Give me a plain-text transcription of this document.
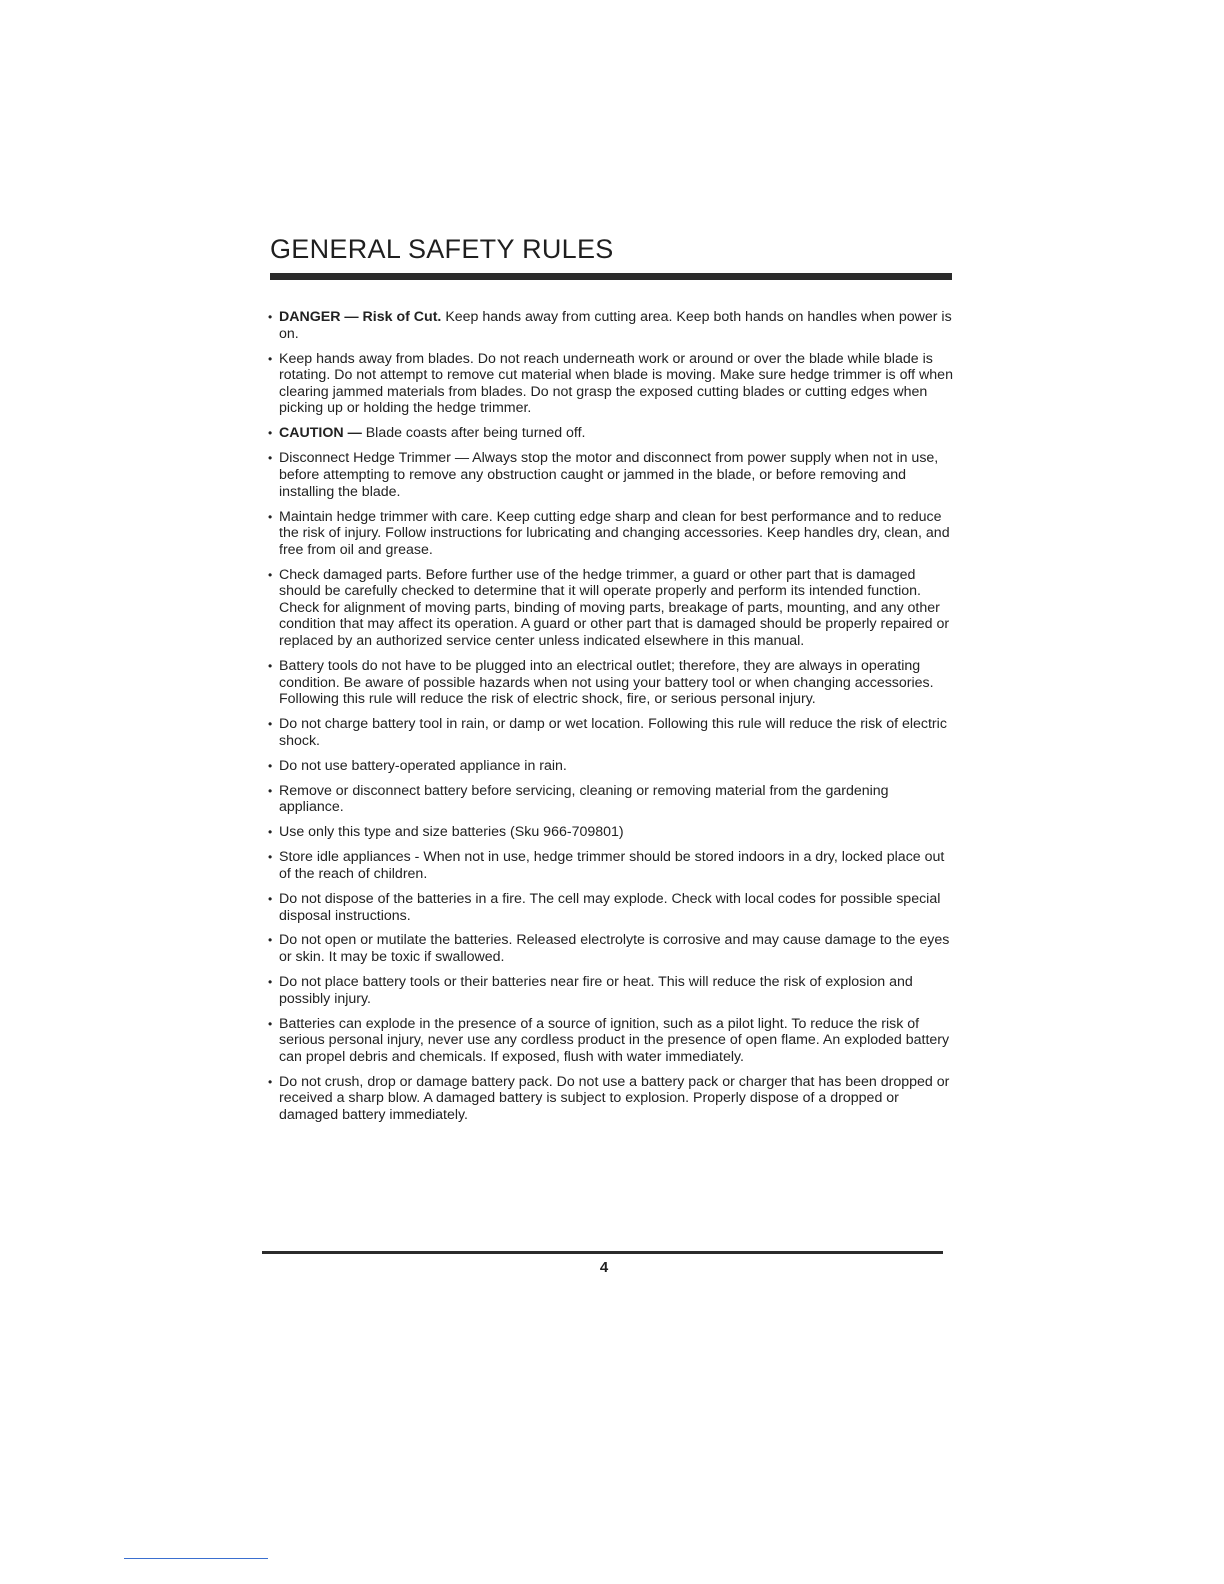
GENERAL SAFETY RULES
• DANGER — Risk of Cut. Keep hands away from cutting area. Keep both hands on handles when power is on.
• Keep hands away from blades. Do not reach underneath work or around or over the blade while blade is rotating. Do not attempt to remove cut material when blade is moving. Make sure hedge trimmer is off when clearing jammed materials from blades. Do not grasp the exposed cutting blades or cutting edges when picking up or holding the hedge trimmer.
• CAUTION — Blade coasts after being turned off.
• Disconnect Hedge Trimmer — Always stop the motor and disconnect from power supply when not in use, before attempting to remove any obstruction caught or jammed in the blade, or before removing and installing the blade.
• Maintain hedge trimmer with care. Keep cutting edge sharp and clean for best performance and to reduce the risk of injury. Follow instructions for lubricating and changing accessories. Keep handles dry, clean, and free from oil and grease.
• Check damaged parts. Before further use of the hedge trimmer, a guard or other part that is damaged should be carefully checked to determine that it will operate properly and perform its intended function. Check for alignment of moving parts, binding of moving parts, breakage of parts, mounting, and any other condition that may affect its operation. A guard or other part that is damaged should be properly repaired or replaced by an authorized service center unless indicated elsewhere in this manual.
• Battery tools do not have to be plugged into an electrical outlet; therefore, they are always in operating condition. Be aware of possible hazards when not using your battery tool or when changing accessories. Following this rule will reduce the risk of electric shock, fire, or serious personal injury.
• Do not charge battery tool in rain, or damp or wet location. Following this rule will reduce the risk of electric shock.
• Do not use battery-operated appliance in rain.
• Remove or disconnect battery before servicing, cleaning or removing material from the gardening appliance.
• Use only this type and size batteries (Sku 966-709801)
• Store idle appliances - When not in use, hedge trimmer should be stored indoors in a dry, locked place out of the reach of children.
• Do not dispose of the batteries in a fire. The cell may explode. Check with local codes for possible special disposal instructions.
• Do not open or mutilate the batteries. Released electrolyte is corrosive and may cause damage to the eyes or skin. It may be toxic if swallowed.
• Do not place battery tools or their batteries near fire or heat. This will reduce the risk of explosion and possibly injury.
• Batteries can explode in the presence of a source of ignition, such as a pilot light. To reduce the risk of serious personal injury, never use any cordless product in the presence of open flame. An exploded battery can propel debris and chemicals. If exposed, flush with water immediately.
• Do not crush, drop or damage battery pack. Do not use a battery pack or charger that has been dropped or received a sharp blow. A damaged battery is subject to explosion. Properly dispose of a dropped or damaged battery immediately.
4
